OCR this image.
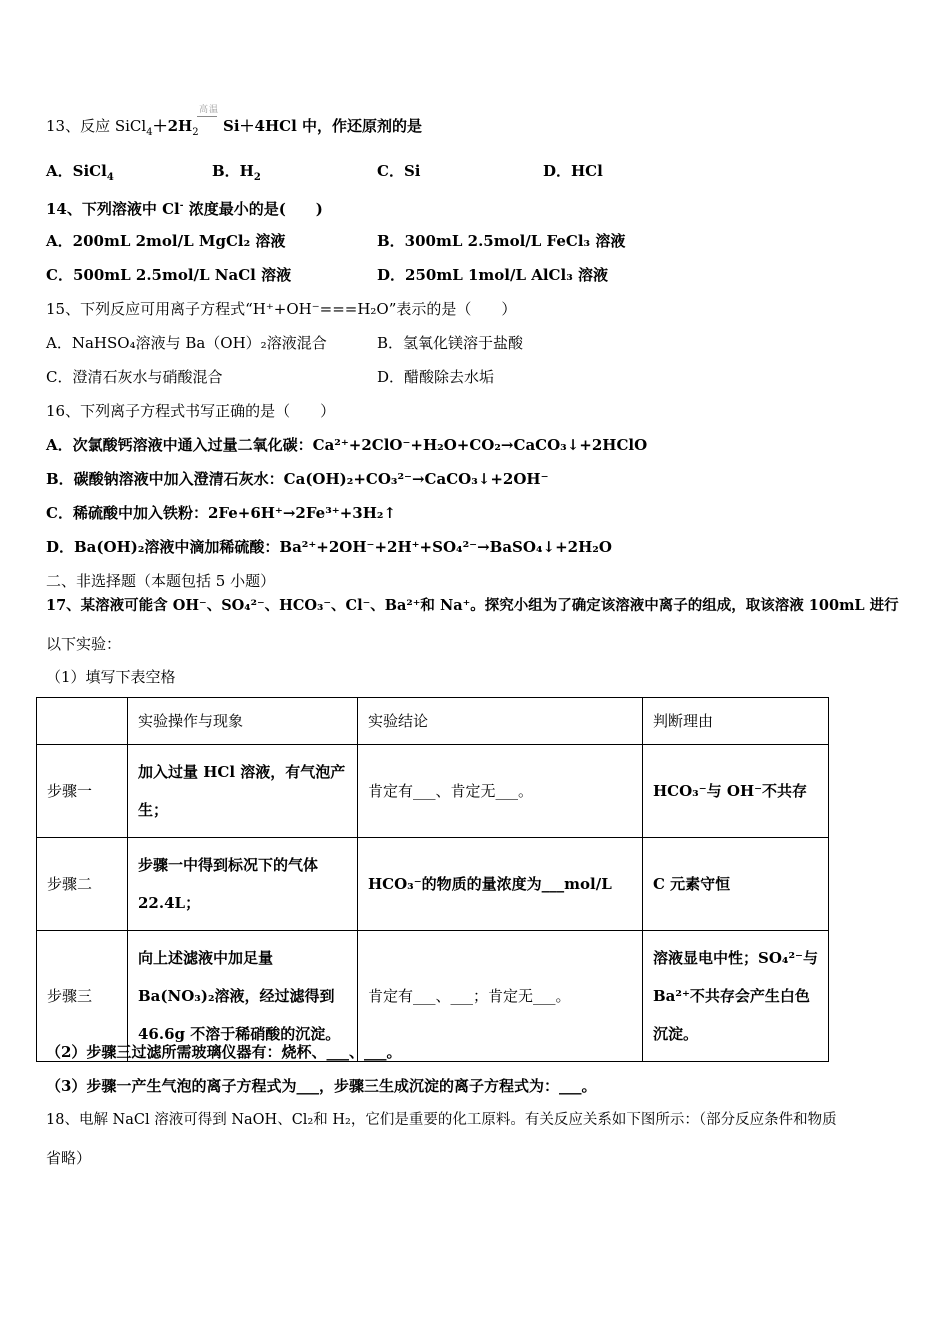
13、反应 $SiCl_4+2H_2$
高温
Si＋4HCl 中，作还原剂的是
A．SiCl$_4$	B．$H_2$	C．Si	D．HCl
14、下列溶液中 Cl- 浓度最小的是(　　)
A．200mL 2mol/L MgCl₂ 溶液	B．300mL 2.5mol/L FeCl₃ 溶液
C．500mL 2.5mol/L NaCl 溶液	D．250mL 1mol/L AlCl₃ 溶液
15、下列反应可用离子方程式“H⁺+OH⁻===H₂O”表示的是（　　）
A．NaHSO₄溶液与 Ba（OH）₂溶液混合	B．氢氧化镁溶于盐酸
C．澄清石灰水与硝酸混合	D．醋酸除去水垢
16、下列离子方程式书写正确的是（　　）
A．次氯酸钙溶液中通入过量二氧化碳：Ca²⁺+2ClO⁻+H₂O+CO₂→CaCO₃↓+2HClO
B．碳酸钠溶液中加入澄清石灰水：Ca(OH)₂+CO₃²⁻→CaCO₃↓+2OH⁻
C．稀硫酸中加入铁粉：2Fe+6H⁺→2Fe³⁺+3H₂↑
D．Ba(OH)₂溶液中滴加稀硫酸：Ba²⁺+2OH⁻+2H⁺+SO₄²⁻→BaSO₄↓+2H₂O
二、非选择题（本题包括 5 小题）
17、某溶液可能含 OH⁻、SO₄²⁻、HCO₃⁻、Cl⁻、Ba²⁺和 Na⁺。探究小组为了确定该溶液中离子的组成，取该溶液 100mL 进行
以下实验：
（1）填写下表空格
	实验操作与现象	实验结论	判断理由
步骤一	加入过量 HCl 溶液，有气泡产生；	肯定有___、肯定无___。	HCO₃⁻与 OH⁻不共存
步骤二	步骤一中得到标况下的气体 22.4L；	HCO₃⁻的物质的量浓度为___mol/L	C 元素守恒
步骤三	向上述滤液中加足量 Ba(NO₃)₂溶液，经过滤得到 46.6g 不溶于稀硝酸的沉淀。	肯定有___、___；肯定无___。	溶液显电中性；SO₄²⁻与 Ba²⁺不共存会产生白色沉淀。
（2）步骤三过滤所需玻璃仪器有：烧杯、___、___。
（3）步骤一产生气泡的离子方程式为___，步骤三生成沉淀的离子方程式为：___。
18、电解 NaCl 溶液可得到 NaOH、Cl₂和 H₂，它们是重要的化工原料。有关反应关系如下图所示：（部分反应条件和物质
省略）
